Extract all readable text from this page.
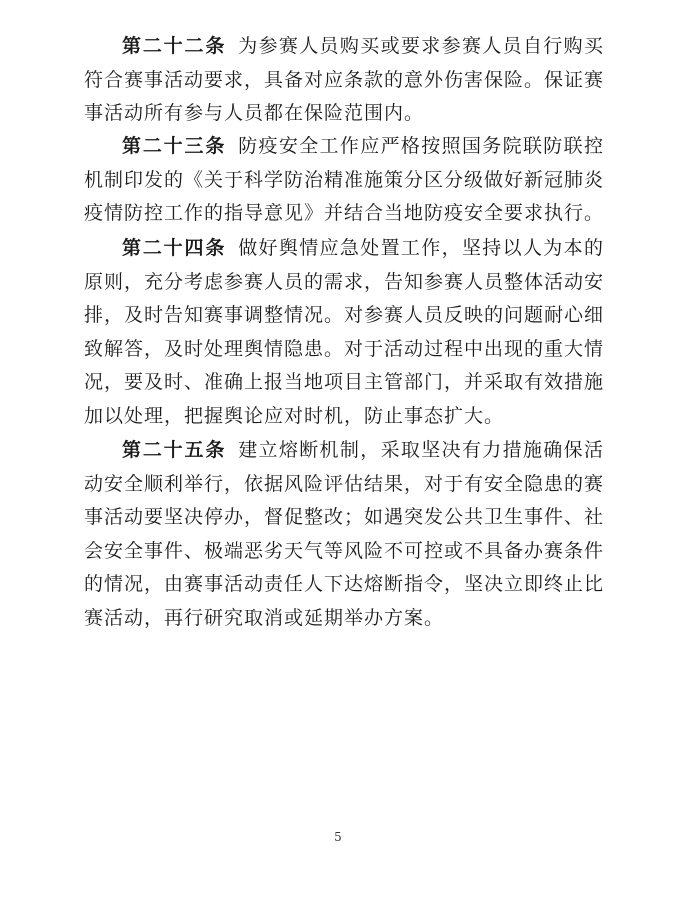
第二十二条 为参赛人员购买或要求参赛人员自行购买符合赛事活动要求，具备对应条款的意外伤害保险。保证赛事活动所有参与人员都在保险范围内。

第二十三条 防疫安全工作应严格按照国务院联防联控机制印发的《关于科学防治精准施策分区分级做好新冠肺炎疫情防控工作的指导意见》并结合当地防疫安全要求执行。

第二十四条 做好舆情应急处置工作，坚持以人为本的原则，充分考虑参赛人员的需求，告知参赛人员整体活动安排，及时告知赛事调整情况。对参赛人员反映的问题耐心细致解答，及时处理舆情隐患。对于活动过程中出现的重大情况，要及时、准确上报当地项目主管部门，并采取有效措施加以处理，把握舆论应对时机，防止事态扩大。

第二十五条 建立熔断机制，采取坚决有力措施确保活动安全顺利举行，依据风险评估结果，对于有安全隐患的赛事活动要坚决停办，督促整改；如遇突发公共卫生事件、社会安全事件、极端恶劣天气等风险不可控或不具备办赛条件的情况，由赛事活动责任人下达熔断指令，坚决立即终止比赛活动，再行研究取消或延期举办方案。

5
